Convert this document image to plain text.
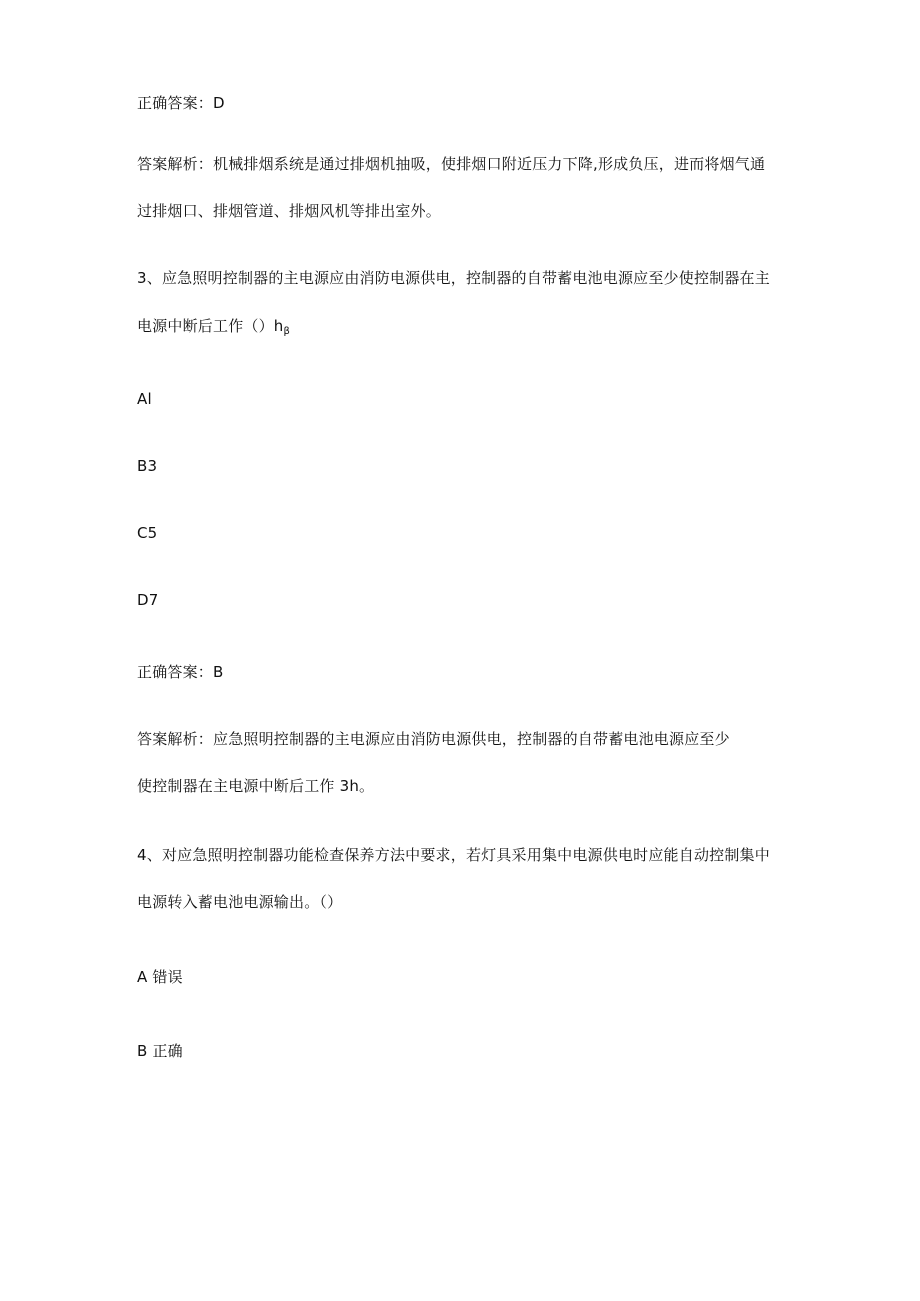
正确答案：D
答案解析：机械排烟系统是通过排烟机抽吸，使排烟口附近压力下降,形成负压，进而将烟气通
过排烟口、排烟管道、排烟风机等排出室外。
3、应急照明控制器的主电源应由消防电源供电，控制器的自带蓄电池电源应至少使控制器在主
电源中断后工作$()h_\beta$
Al
B3
C5
D7
正确答案：B
答案解析：应急照明控制器的主电源应由消防电源供电，控制器的自带蓄电池电源应至少
使控制器在主电源中断后工作 3h。
4、对应急照明控制器功能检查保养方法中要求，若灯具采用集中电源供电时应能自动控制集中
电源转入蓄电池电源输出。（）
A 错误
B 正确
